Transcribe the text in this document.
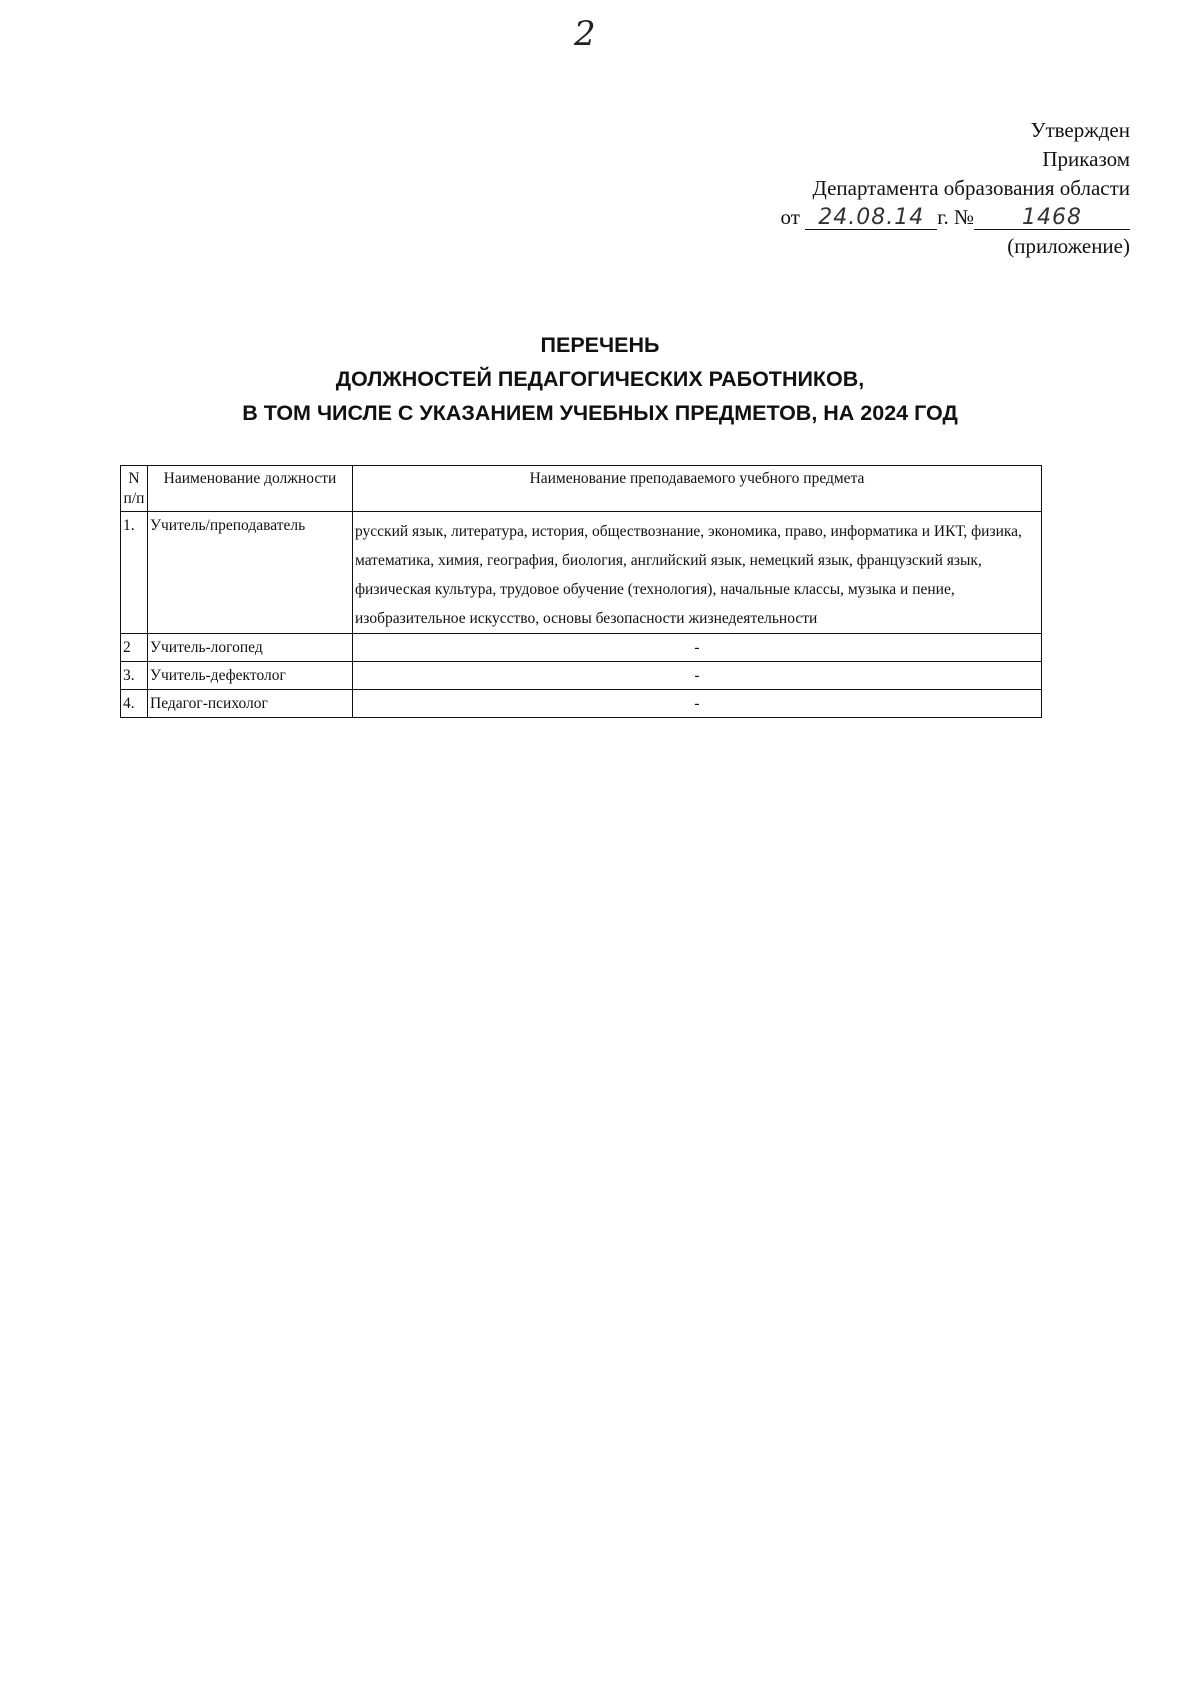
2
Утвержден
Приказом
Департамента образования области
от 24.08.14 г. № 1468
(приложение)
ПЕРЕЧЕНЬ
ДОЛЖНОСТЕЙ ПЕДАГОГИЧЕСКИХ РАБОТНИКОВ,
В ТОМ ЧИСЛЕ С УКАЗАНИЕМ УЧЕБНЫХ ПРЕДМЕТОВ, НА 2024 ГОД
N п/п	Наименование должности	Наименование преподаваемого учебного предмета
1.	Учитель/преподаватель	русский язык, литература, история, обществознание, экономика, право, информатика и ИКТ, физика, математика, химия, география, биология, английский язык, немецкий язык, французский язык, физическая культура, трудовое обучение (технология), начальные классы, музыка и пение, изобразительное искусство, основы безопасности жизнедеятельности
2	Учитель-логопед	-
3.	Учитель-дефектолог	-
4.	Педагог-психолог	-
